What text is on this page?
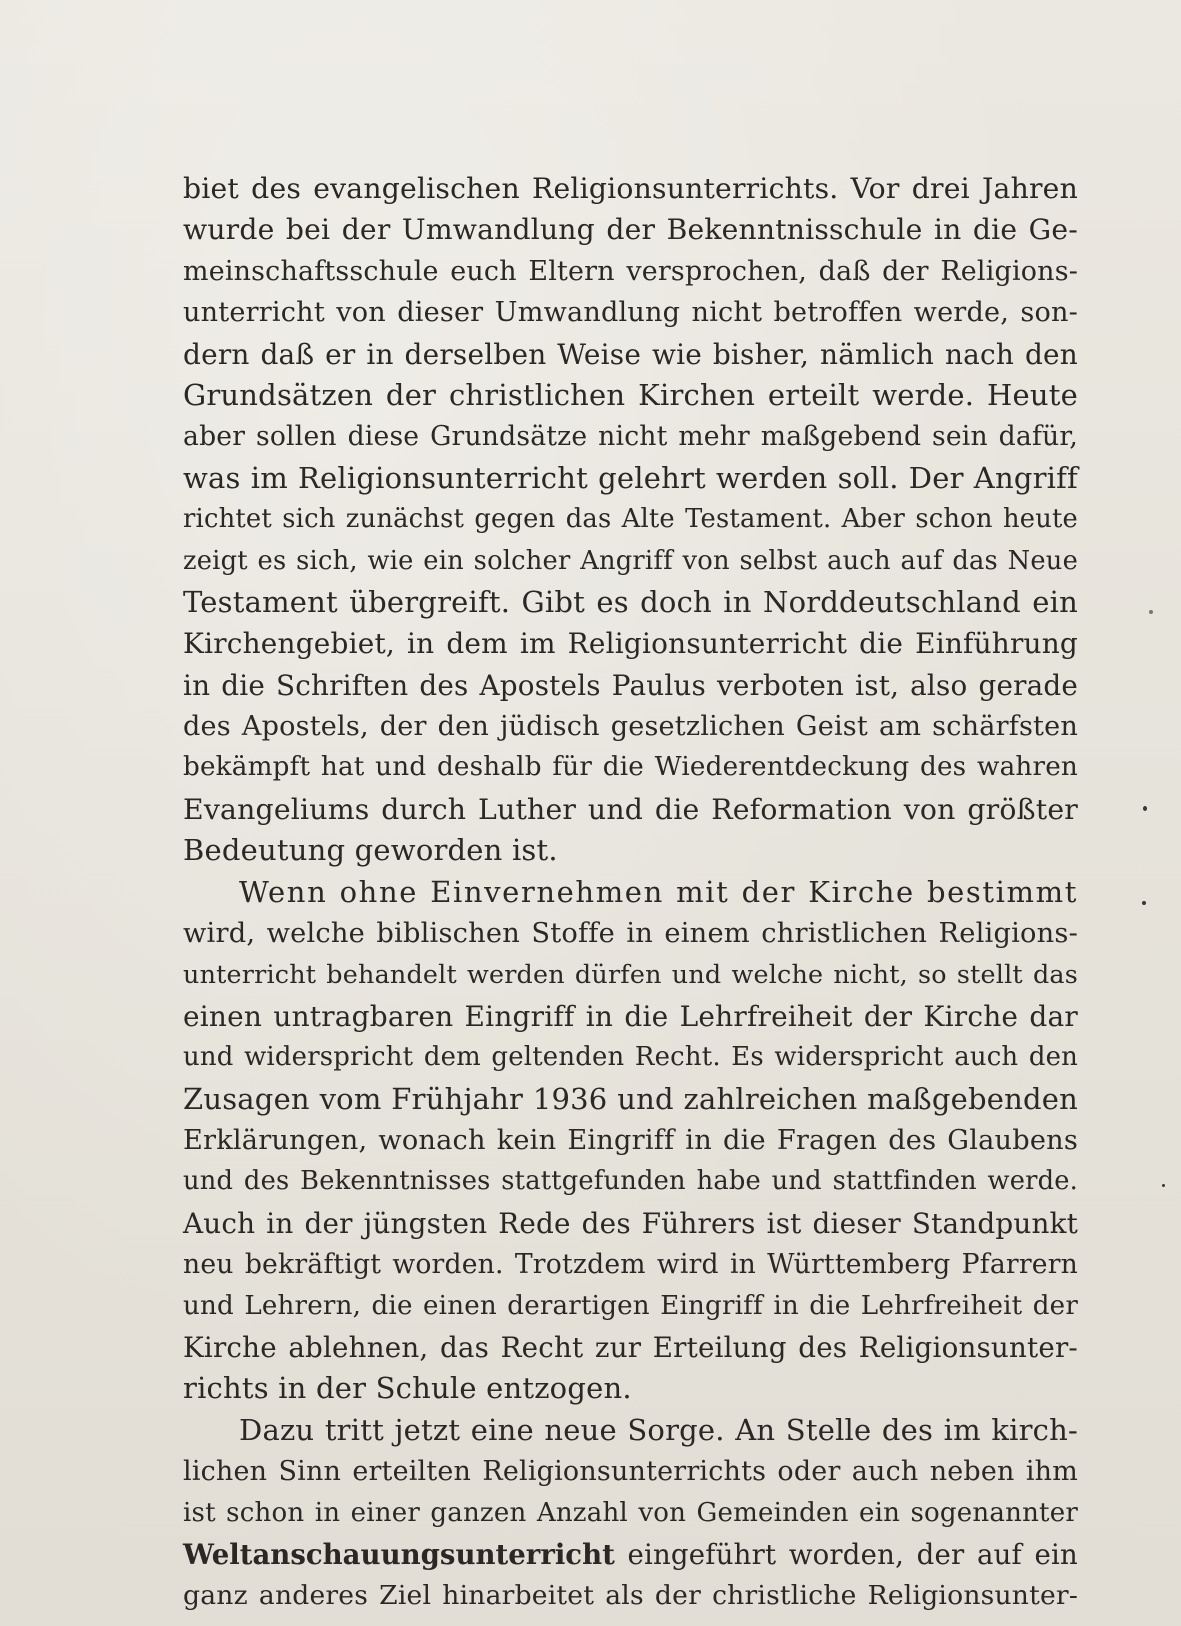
biet des evangelischen Religionsunterrichts. Vor drei Jahren
wurde bei der Umwandlung der Bekenntnisschule in die Ge-
meinschaftsschule euch Eltern versprochen, daß der Religions-
unterricht von dieser Umwandlung nicht betroffen werde, son-
dern daß er in derselben Weise wie bisher, nämlich nach den
Grundsätzen der christlichen Kirchen erteilt werde. Heute
aber sollen diese Grundsätze nicht mehr maßgebend sein dafür,
was im Religionsunterricht gelehrt werden soll. Der Angriff
richtet sich zunächst gegen das Alte Testament. Aber schon heute
zeigt es sich, wie ein solcher Angriff von selbst auch auf das Neue
Testament übergreift. Gibt es doch in Norddeutschland ein
Kirchengebiet, in dem im Religionsunterricht die Einführung
in die Schriften des Apostels Paulus verboten ist, also gerade
des Apostels, der den jüdisch gesetzlichen Geist am schärfsten
bekämpft hat und deshalb für die Wiederentdeckung des wahren
Evangeliums durch Luther und die Reformation von größter
Bedeutung geworden ist.
Wenn ohne Einvernehmen mit der Kirche bestimmt
wird, welche biblischen Stoffe in einem christlichen Religions-
unterricht behandelt werden dürfen und welche nicht, so stellt das
einen untragbaren Eingriff in die Lehrfreiheit der Kirche dar
und widerspricht dem geltenden Recht. Es widerspricht auch den
Zusagen vom Frühjahr 1936 und zahlreichen maßgebenden
Erklärungen, wonach kein Eingriff in die Fragen des Glaubens
und des Bekenntnisses stattgefunden habe und stattfinden werde.
Auch in der jüngsten Rede des Führers ist dieser Standpunkt
neu bekräftigt worden. Trotzdem wird in Württemberg Pfarrern
und Lehrern, die einen derartigen Eingriff in die Lehrfreiheit der
Kirche ablehnen, das Recht zur Erteilung des Religionsunter-
richts in der Schule entzogen.
Dazu tritt jetzt eine neue Sorge. An Stelle des im kirch-
lichen Sinn erteilten Religionsunterrichts oder auch neben ihm
ist schon in einer ganzen Anzahl von Gemeinden ein sogenannter
Weltanschauungsunterricht eingeführt worden, der auf ein
ganz anderes Ziel hinarbeitet als der christliche Religionsunter-
